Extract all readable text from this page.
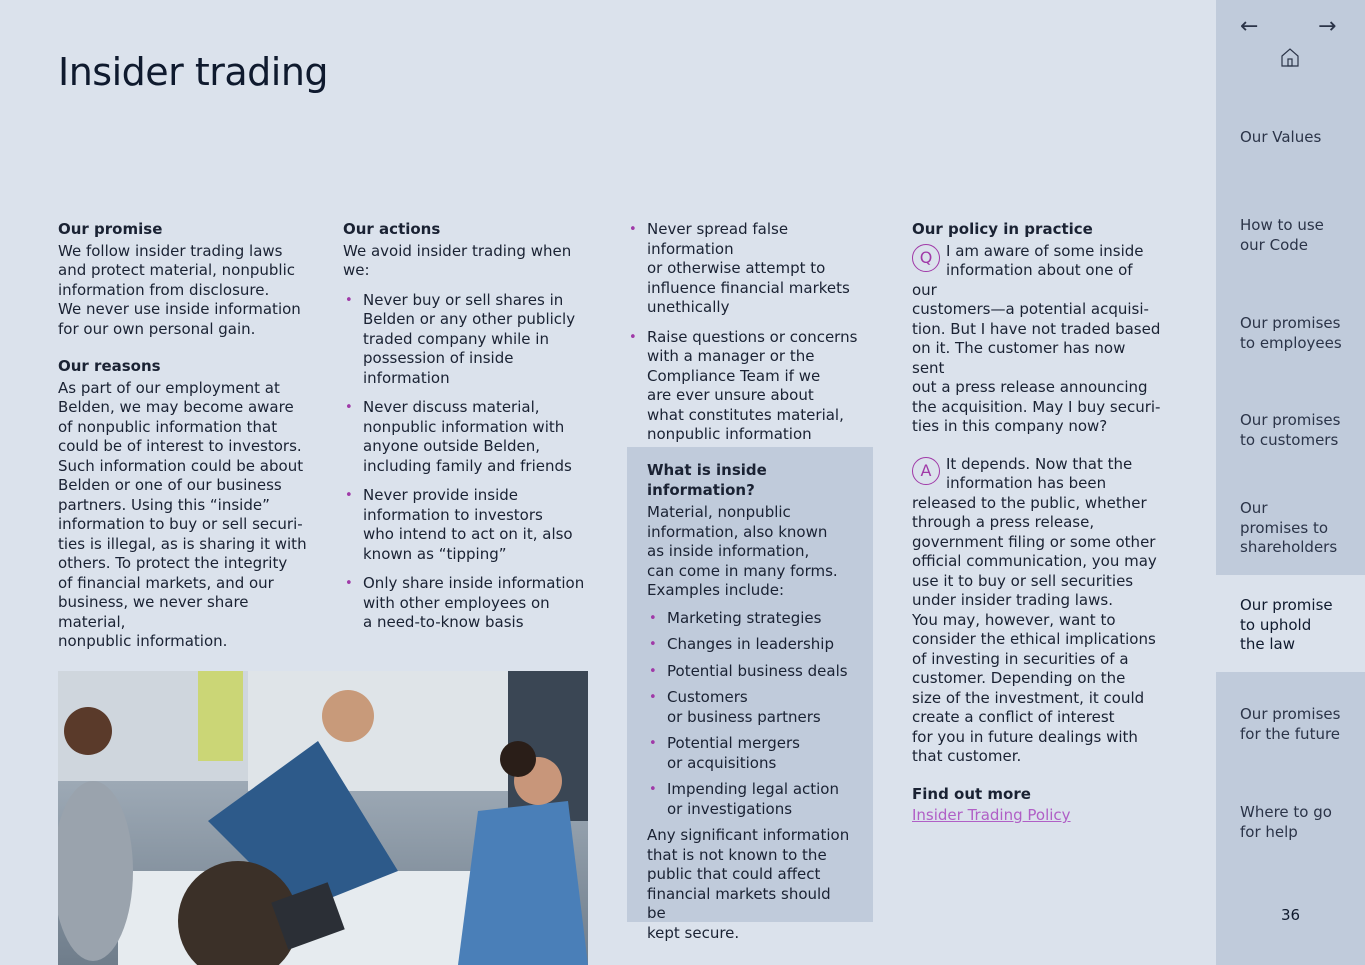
Insider trading
Our promise
We follow insider trading laws
and protect material, nonpublic
information from disclosure.
We never use inside information
for our own personal gain.
Our reasons
As part of our employment at
Belden, we may become aware
of nonpublic information that
could be of interest to investors.
Such information could be about
Belden or one of our business
partners. Using this “inside”
information to buy or sell securi-
ties is illegal, as is sharing it with
others. To protect the integrity
of financial markets, and our
business, we never share material,
nonpublic information.
Our actions

We avoid insider trading when we:

• Never buy or sell shares in
Belden or any other publicly
traded company while in
possession of inside information
• Never discuss material,
nonpublic information with
anyone outside Belden,
including family and friends
• Never provide inside
information to investors
who intend to act on it, also
known as “tipping”
• Only share inside information
with other employees on
a need-to-know basis
• Never spread false information
or otherwise attempt to
influence financial markets
unethically
• Raise questions or concerns
with a manager or the
Compliance Team if we
are ever unsure about
what constitutes material,
nonpublic information
What is inside information?
Material, nonpublic
information, also known
as inside information,
can come in many forms.
Examples include:
• Marketing strategies
• Changes in leadership
• Potential business deals
• Customers
or business partners
• Potential mergers
or acquisitions
• Impending legal action
or investigations
Any significant information
that is not known to the
public that could affect
financial markets should be
kept secure.
Our policy in practice
Q I am aware of some inside
information about one of our
customers—a potential acquisi-
tion. But I have not traded based
on it. The customer has now sent
out a press release announcing
the acquisition. May I buy securi-
ties in this company now?
A It depends. Now that the
information has been
released to the public, whether
through a press release,
government filing or some other
official communication, you may
use it to buy or sell securities
under insider trading laws.
You may, however, want to
consider the ethical implications
of investing in securities of a
customer. Depending on the
size of the investment, it could
create a conflict of interest
for you in future dealings with
that customer.
Find out more
Insider Trading Policy
←	→
Our Values
How to use
our Code
Our promises
to employees
Our promises
to customers
Our
promises to
shareholders
Our promise
to uphold
the law
Our promises
for the future
Where to go
for help
36
